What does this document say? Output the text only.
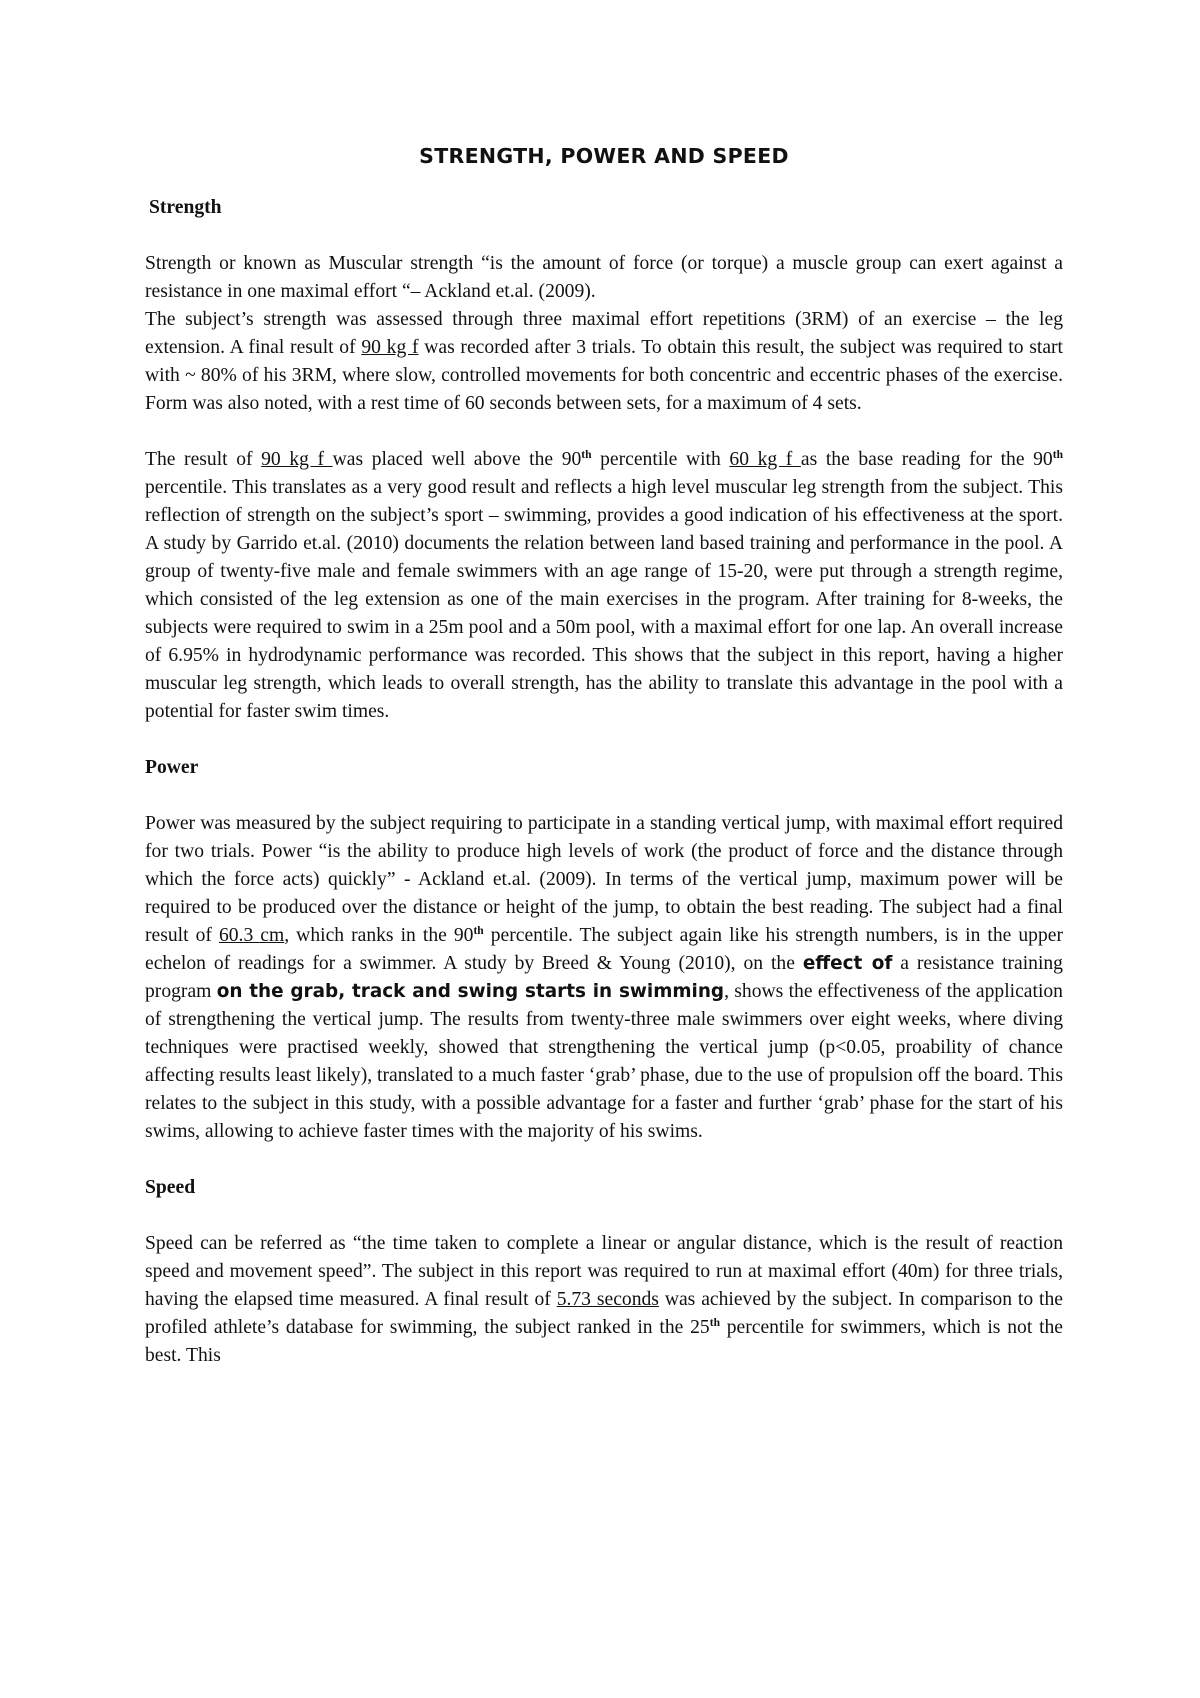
STRENGTH, POWER AND SPEED
Strength

Strength or known as Muscular strength “is the amount of force (or torque) a muscle group can exert against a resistance in one maximal effort “– Ackland et.al. (2009).

The subject’s strength was assessed through three maximal effort repetitions (3RM) of an exercise – the leg extension. A final result of 90 kg f was recorded after 3 trials. To obtain this result, the subject was required to start with ~ 80% of his 3RM, where slow, controlled movements for both concentric and eccentric phases of the exercise. Form was also noted, with a rest time of 60 seconds between sets, for a maximum of 4 sets.

The result of 90 kg f was placed well above the 90th percentile with 60 kg f as the base reading for the 90th percentile. This translates as a very good result and reflects a high level muscular leg strength from the subject. This reflection of strength on the subject’s sport – swimming, provides a good indication of his effectiveness at the sport. A study by Garrido et.al. (2010) documents the relation between land based training and performance in the pool. A group of twenty-five male and female swimmers with an age range of 15-20, were put through a strength regime, which consisted of the leg extension as one of the main exercises in the program. After training for 8-weeks, the subjects were required to swim in a 25m pool and a 50m pool, with a maximal effort for one lap. An overall increase of 6.95% in hydrodynamic performance was recorded. This shows that the subject in this report, having a higher muscular leg strength, which leads to overall strength, has the ability to translate this advantage in the pool with a potential for faster swim times.

Power

Power was measured by the subject requiring to participate in a standing vertical jump, with maximal effort required for two trials. Power “is the ability to produce high levels of work (the product of force and the distance through which the force acts) quickly” - Ackland et.al. (2009). In terms of the vertical jump, maximum power will be required to be produced over the distance or height of the jump, to obtain the best reading. The subject had a final result of 60.3 cm, which ranks in the 90th percentile. The subject again like his strength numbers, is in the upper echelon of readings for a swimmer. A study by Breed & Young (2010), on the effect of a resistance training program on the grab, track and swing starts in swimming, shows the effectiveness of the application of strengthening the vertical jump. The results from twenty-three male swimmers over eight weeks, where diving techniques were practised weekly, showed that strengthening the vertical jump (p<0.05, proability of chance affecting results least likely), translated to a much faster ‘grab’ phase, due to the use of propulsion off the board. This relates to the subject in this study, with a possible advantage for a faster and further ‘grab’ phase for the start of his swims, allowing to achieve faster times with the majority of his swims.

Speed

Speed can be referred as “the time taken to complete a linear or angular distance, which is the result of reaction speed and movement speed”. The subject in this report was required to run at maximal effort (40m) for three trials, having the elapsed time measured. A final result of 5.73 seconds was achieved by the subject. In comparison to the profiled athlete’s database for swimming, the subject ranked in the 25th percentile for swimmers, which is not the best. This
